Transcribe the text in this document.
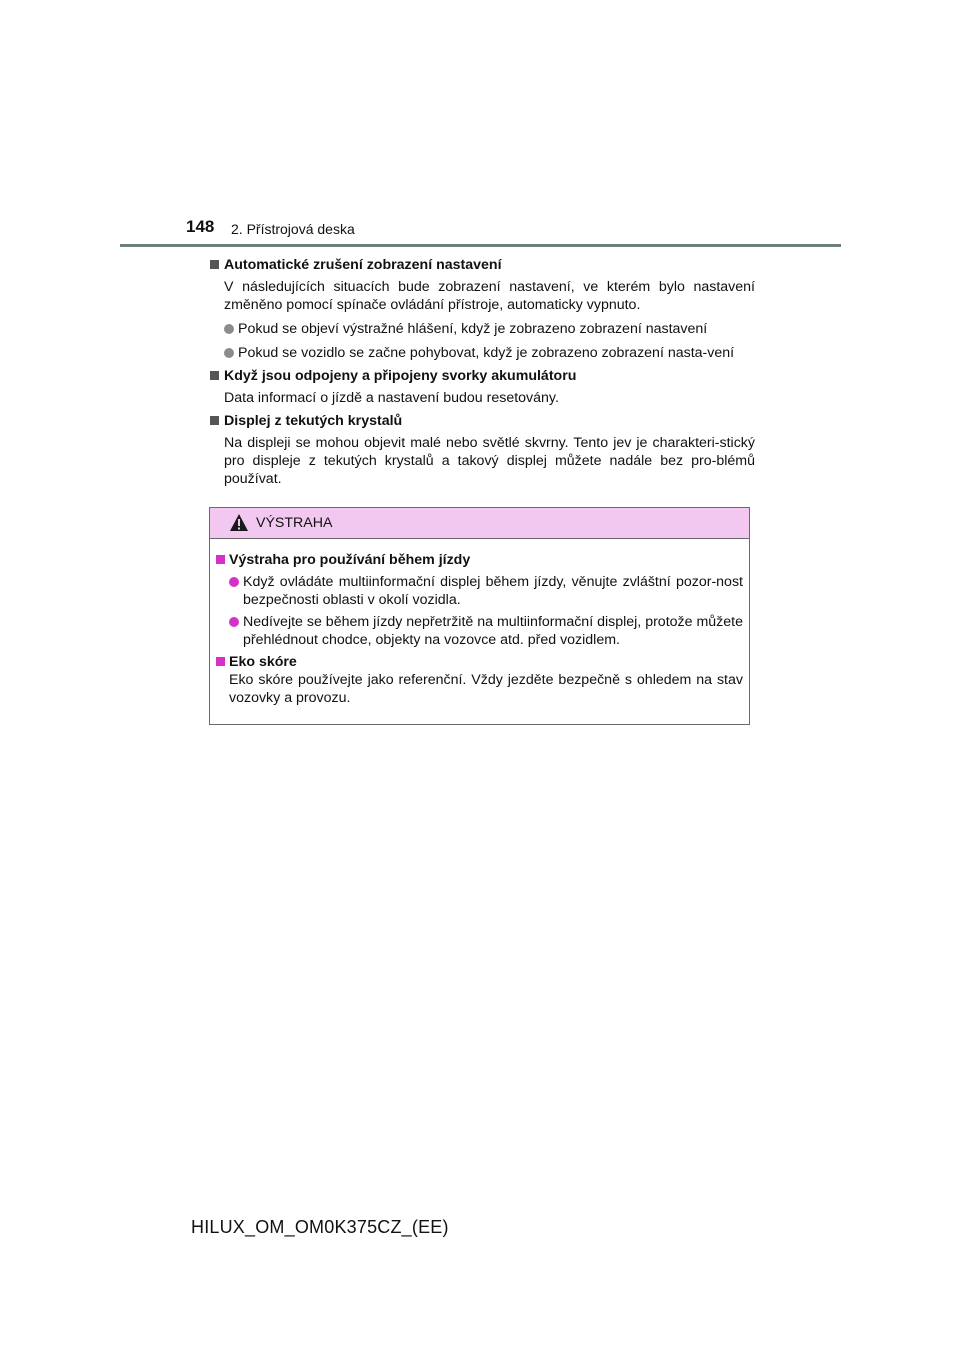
148 2. Přístrojová deska
Automatické zrušení zobrazení nastavení
V následujících situacích bude zobrazení nastavení, ve kterém bylo nastavení změněno pomocí spínače ovládání přístroje, automaticky vypnuto.
Pokud se objeví výstražné hlášení, když je zobrazeno zobrazení nastavení
Pokud se vozidlo se začne pohybovat, když je zobrazeno zobrazení nasta-vení
Když jsou odpojeny a připojeny svorky akumulátoru
Data informací o jízdě a nastavení budou resetovány.
Displej z tekutých krystalů
Na displeji se mohou objevit malé nebo světlé skvrny. Tento jev je charakteri-stický pro displeje z tekutých krystalů a takový displej můžete nadále bez pro-blémů používat.
VÝSTRAHA
Výstraha pro používání během jízdy
Když ovládáte multiinformační displej během jízdy, věnujte zvláštní pozor-nost bezpečnosti oblasti v okolí vozidla.
Nedívejte se během jízdy nepřetržitě na multiinformační displej, protože můžete přehlédnout chodce, objekty na vozovce atd. před vozidlem.
Eko skóre
Eko skóre používejte jako referenční. Vždy jezděte bezpečně s ohledem na stav vozovky a provozu.
HILUX_OM_OM0K375CZ_(EE)
